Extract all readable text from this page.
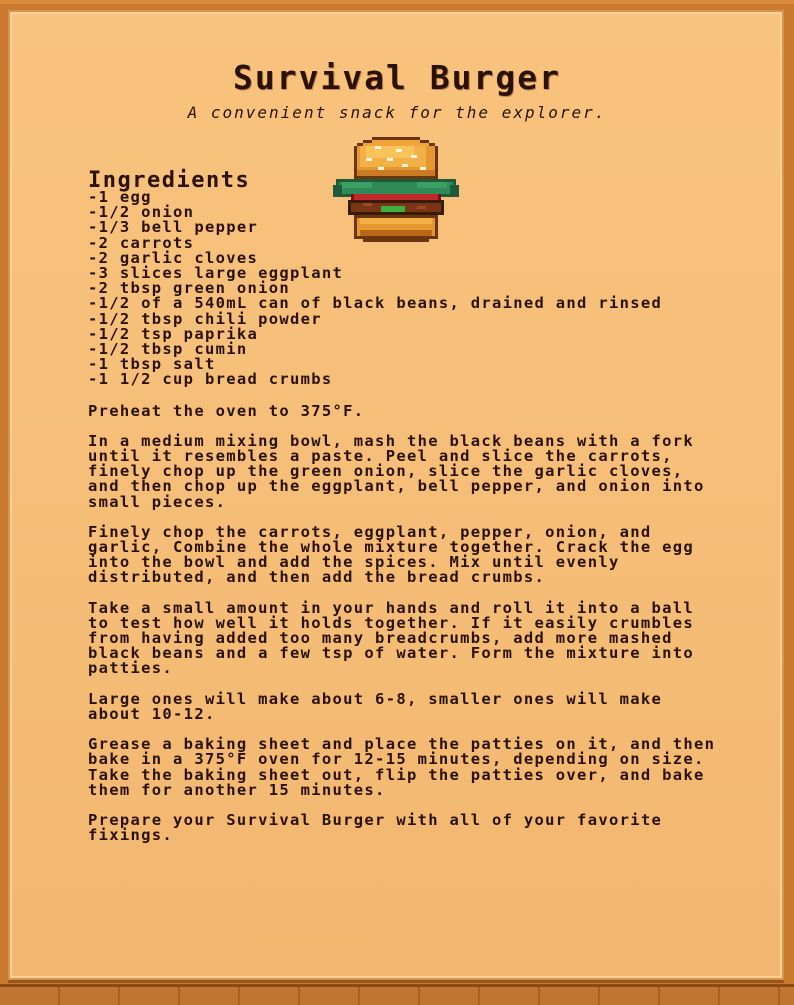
Survival Burger

A convenient snack for the explorer.

Ingredients
-1 egg
-1/2 onion
-1/3 bell pepper
-2 carrots
-2 garlic cloves
-3 slices large eggplant
-2 tbsp green onion
-1/2 of a 540mL can of black beans, drained and rinsed
-1/2 tbsp chili powder
-1/2 tsp paprika
-1/2 tbsp cumin
-1 tbsp salt
-1 1/2 cup bread crumbs

Preheat the oven to 375°F.

In a medium mixing bowl, mash the black beans with a fork until it resembles a paste. Peel and slice the carrots, finely chop up the green onion, slice the garlic cloves, and then chop up the eggplant, bell pepper, and onion into small pieces.

Finely chop the carrots, eggplant, pepper, onion, and garlic, Combine the whole mixture together. Crack the egg into the bowl and add the spices. Mix until evenly distributed, and then add the bread crumbs.

Take a small amount in your hands and roll it into a ball to test how well it holds together. If it easily crumbles from having added too many breadcrumbs, add more mashed black beans and a few tsp of water. Form the mixture into patties.

Large ones will make about 6-8, smaller ones will make about 10-12.

Grease a baking sheet and place the patties on it, and then bake in a 375°F oven for 12-15 minutes, depending on size. Take the baking sheet out, flip the patties over, and bake them for another 15 minutes.

Prepare your Survival Burger with all of your favorite fixings.
